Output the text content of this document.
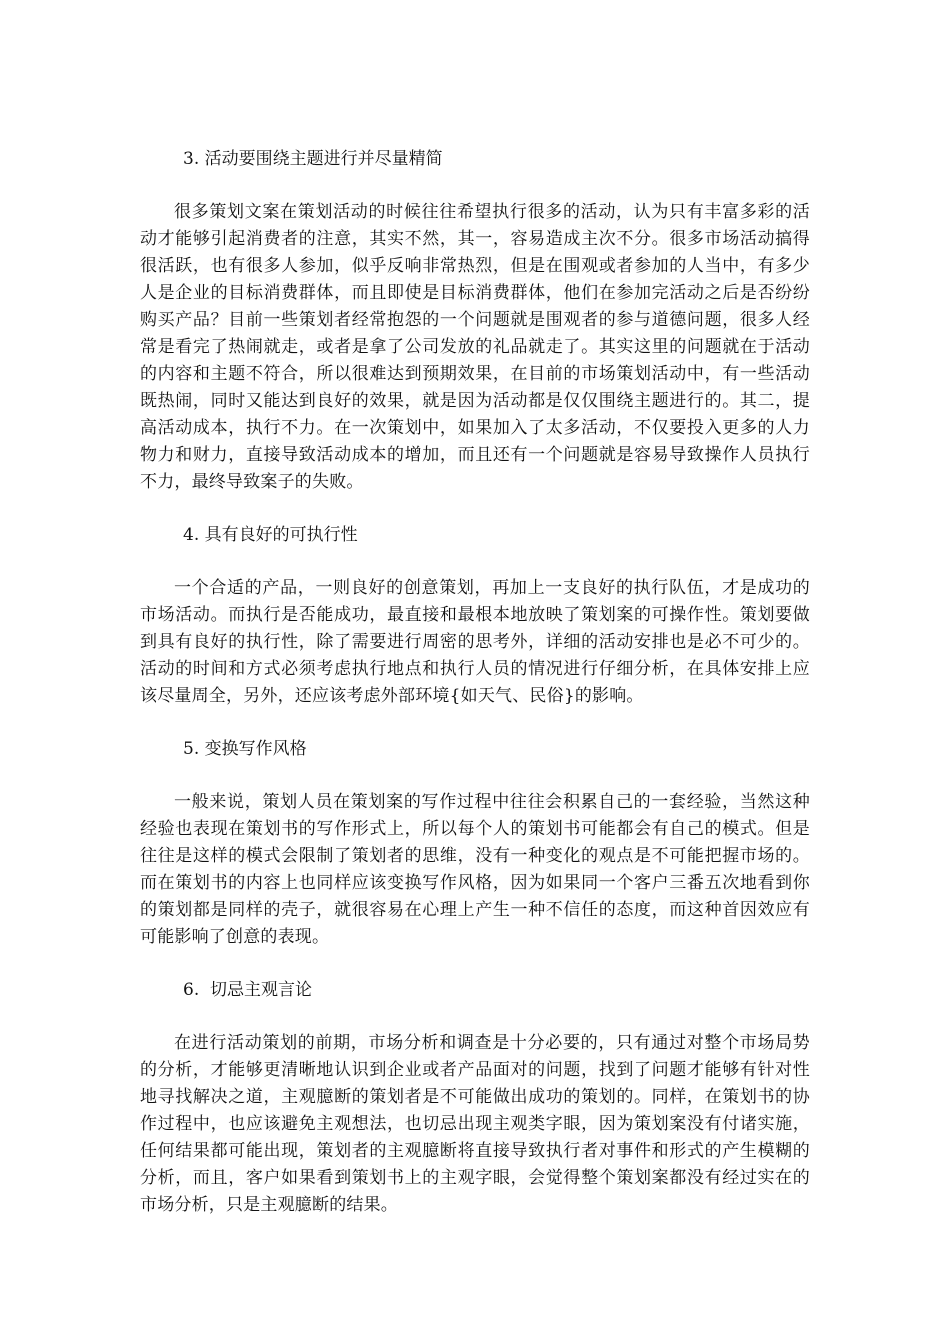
3. 活动要围绕主题进行并尽量精简

很多策划文案在策划活动的时候往往希望执行很多的活动，认为只有丰富多彩的活动才能够引起消费者的注意，其实不然，其一，容易造成主次不分。很多市场活动搞得很活跃，也有很多人参加，似乎反响非常热烈，但是在围观或者参加的人当中，有多少人是企业的目标消费群体，而且即使是目标消费群体，他们在参加完活动之后是否纷纷购买产品？目前一些策划者经常抱怨的一个问题就是围观者的参与道德问题，很多人经常是看完了热闹就走，或者是拿了公司发放的礼品就走了。其实这里的问题就在于活动的内容和主题不符合，所以很难达到预期效果，在目前的市场策划活动中，有一些活动既热闹，同时又能达到良好的效果，就是因为活动都是仅仅围绕主题进行的。其二，提高活动成本，执行不力。在一次策划中，如果加入了太多活动，不仅要投入更多的人力物力和财力，直接导致活动成本的增加，而且还有一个问题就是容易导致操作人员执行不力，最终导致案子的失败。

4. 具有良好的可执行性

一个合适的产品，一则良好的创意策划，再加上一支良好的执行队伍，才是成功的市场活动。而执行是否能成功，最直接和最根本地放映了策划案的可操作性。策划要做到具有良好的执行性，除了需要进行周密的思考外，详细的活动安排也是必不可少的。活动的时间和方式必须考虑执行地点和执行人员的情况进行仔细分析，在具体安排上应该尽量周全，另外，还应该考虑外部环境{如天气、民俗}的影响。

5. 变换写作风格

一般来说，策划人员在策划案的写作过程中往往会积累自己的一套经验，当然这种经验也表现在策划书的写作形式上，所以每个人的策划书可能都会有自己的模式。但是往往是这样的模式会限制了策划者的思维，没有一种变化的观点是不可能把握市场的。而在策划书的内容上也同样应该变换写作风格，因为如果同一个客户三番五次地看到你的策划都是同样的壳子，就很容易在心理上产生一种不信任的态度，而这种首因效应有可能影响了创意的表现。

6.  切忌主观言论

在进行活动策划的前期，市场分析和调查是十分必要的，只有通过对整个市场局势的分析，才能够更清晰地认识到企业或者产品面对的问题，找到了问题才能够有针对性地寻找解决之道，主观臆断的策划者是不可能做出成功的策划的。同样，在策划书的协作过程中，也应该避免主观想法，也切忌出现主观类字眼，因为策划案没有付诸实施，任何结果都可能出现，策划者的主观臆断将直接导致执行者对事件和形式的产生模糊的分析，而且，客户如果看到策划书上的主观字眼，会觉得整个策划案都没有经过实在的市场分析，只是主观臆断的结果。
